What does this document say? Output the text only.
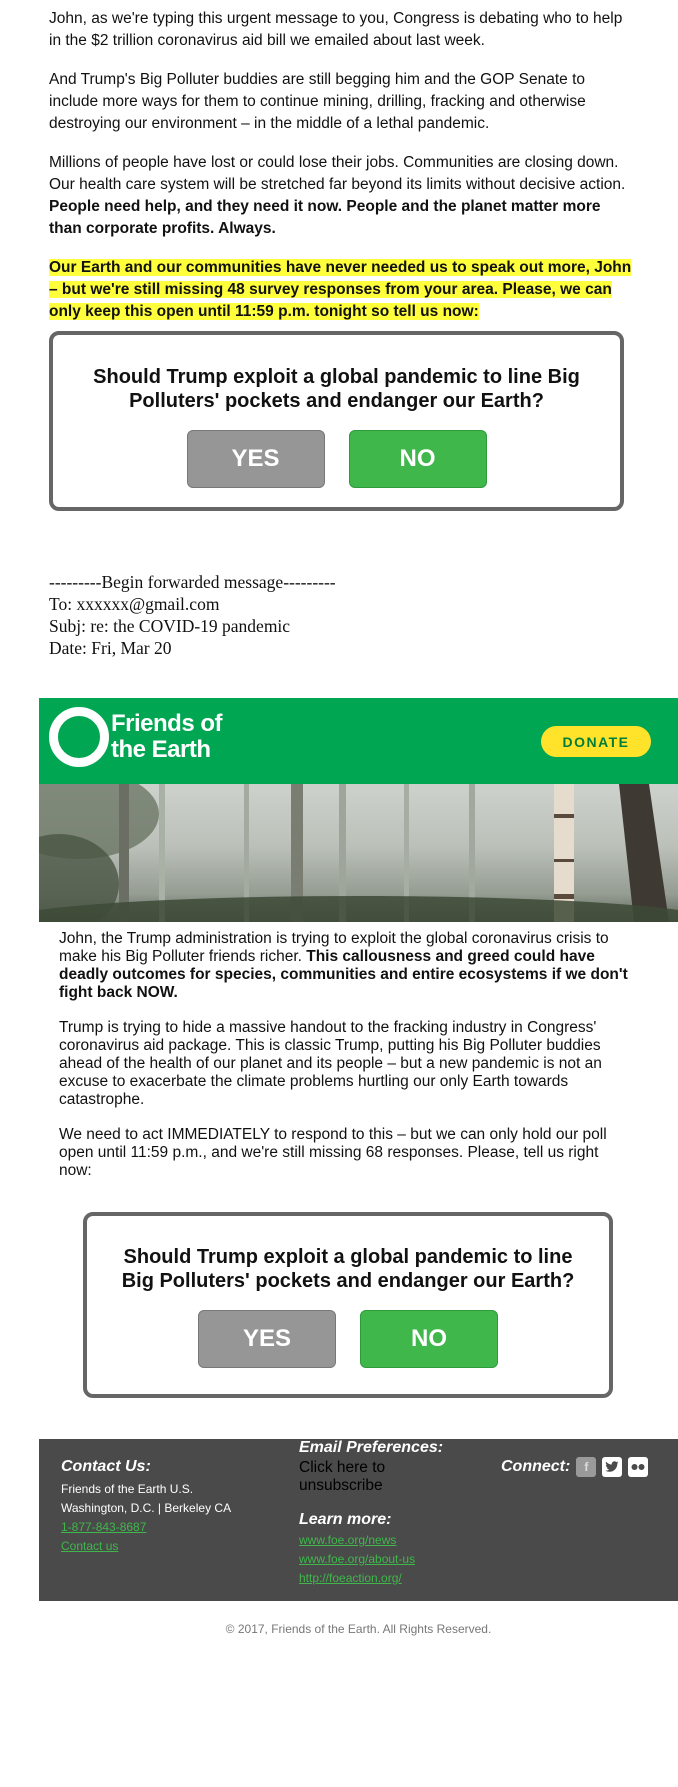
John, as we're typing this urgent message to you, Congress is debating who to help in the $2 trillion coronavirus aid bill we emailed about last week.

And Trump's Big Polluter buddies are still begging him and the GOP Senate to include more ways for them to continue mining, drilling, fracking and otherwise destroying our environment – in the middle of a lethal pandemic.

Millions of people have lost or could lose their jobs. Communities are closing down. Our health care system will be stretched far beyond its limits without decisive action. People need help, and they need it now. People and the planet matter more than corporate profits. Always.

Our Earth and our communities have never needed us to speak out more, John – but we're still missing 48 survey responses from your area. Please, we can only keep this open until 11:59 p.m. tonight so tell us now:

Should Trump exploit a global pandemic to line Big Polluters' pockets and endanger our Earth?

YES	NO
---------Begin forwarded message---------
To: xxxxxx@gmail.com
Subj: re: the COVID-19 pandemic
Date: Fri, Mar 20
Friends of
the Earth	DONATE

John, the Trump administration is trying to exploit the global coronavirus crisis to make his Big Polluter friends richer. This callousness and greed could have deadly outcomes for species, communities and entire ecosystems if we don't fight back NOW.

Trump is trying to hide a massive handout to the fracking industry in Congress' coronavirus aid package. This is classic Trump, putting his Big Polluter buddies ahead of the health of our planet and its people – but a new pandemic is not an excuse to exacerbate the climate problems hurtling our only Earth towards catastrophe.

We need to act IMMEDIATELY to respond to this – but we can only hold our poll open until 11:59 p.m., and we're still missing 68 responses. Please, tell us right now:

Should Trump exploit a global pandemic to line Big Polluters' pockets and endanger our Earth?

YES	NO
Contact Us:
Friends of the Earth U.S.
Washington, D.C. | Berkeley CA
1-877-843-8687
Contact us
Email Preferences:
Click here to unsubscribe
Learn more:
www.foe.org/news
www.foe.org/about-us
http://foeaction.org/
Connect:	f
© 2017, Friends of the Earth. All Rights Reserved.
